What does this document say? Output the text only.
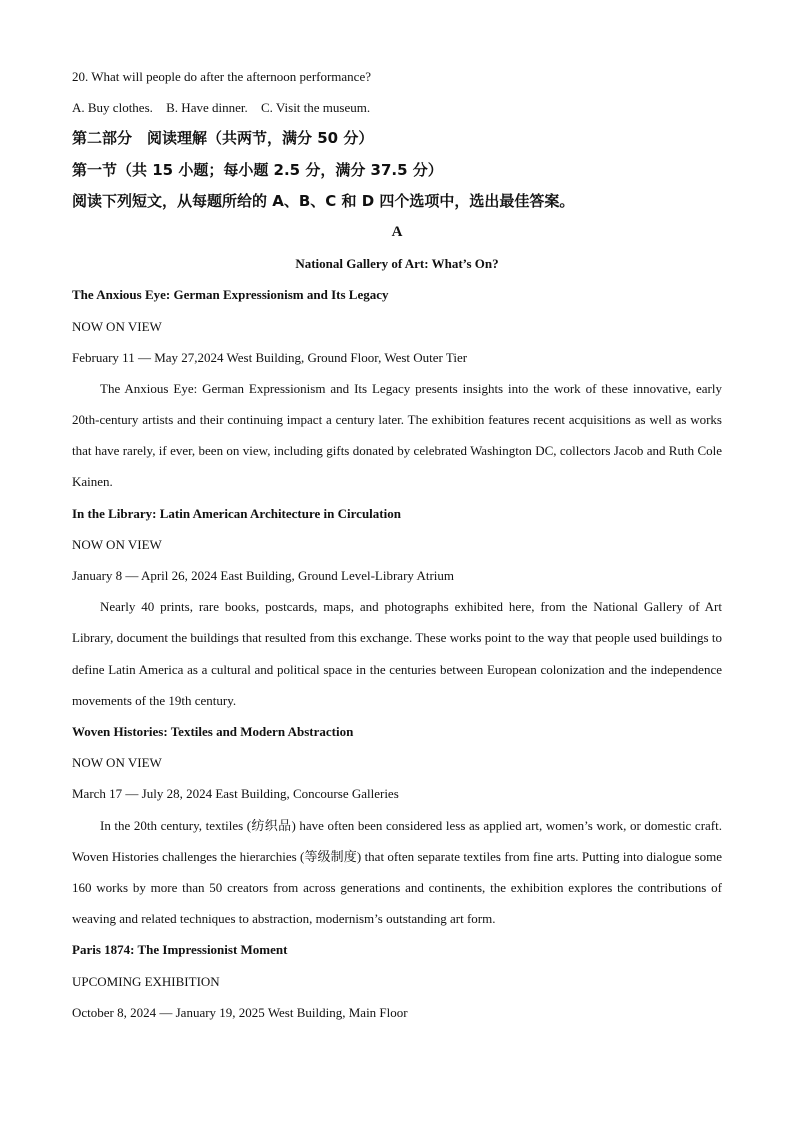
20. What will people do after the afternoon performance?
A. Buy clothes. B. Have dinner. C. Visit the museum.
第二部分　阅读理解（共两节，满分 50 分）
第一节（共 15 小题；每小题 2.5 分，满分 37.5 分）
阅读下列短文，从每题所给的 A、B、C 和 D 四个选项中，选出最佳答案。
A
National Gallery of Art: What’s On?
The Anxious Eye: German Expressionism and Its Legacy
NOW ON VIEW
February 11 — May 27,2024 West Building, Ground Floor, West Outer Tier

The Anxious Eye: German Expressionism and Its Legacy presents insights into the work of these innovative, early 20th-century artists and their continuing impact a century later. The exhibition features recent acquisitions as well as works that have rarely, if ever, been on view, including gifts donated by celebrated Washington DC, collectors Jacob and Ruth Cole Kainen.

In the Library: Latin American Architecture in Circulation
NOW ON VIEW
January 8 — April 26, 2024 East Building, Ground Level-Library Atrium

Nearly 40 prints, rare books, postcards, maps, and photographs exhibited here, from the National Gallery of Art Library, document the buildings that resulted from this exchange. These works point to the way that people used buildings to define Latin America as a cultural and political space in the centuries between European colonization and the independence movements of the 19th century.

Woven Histories: Textiles and Modern Abstraction
NOW ON VIEW
March 17 — July 28, 2024 East Building, Concourse Galleries

In the 20th century, textiles (纺织品) have often been considered less as applied art, women’s work, or domestic craft. Woven Histories challenges the hierarchies (等级制度) that often separate textiles from fine arts. Putting into dialogue some 160 works by more than 50 creators from across generations and continents, the exhibition explores the contributions of weaving and related techniques to abstraction, modernism’s outstanding art form.

Paris 1874: The Impressionist Moment
UPCOMING EXHIBITION
October 8, 2024 — January 19, 2025 West Building, Main Floor
